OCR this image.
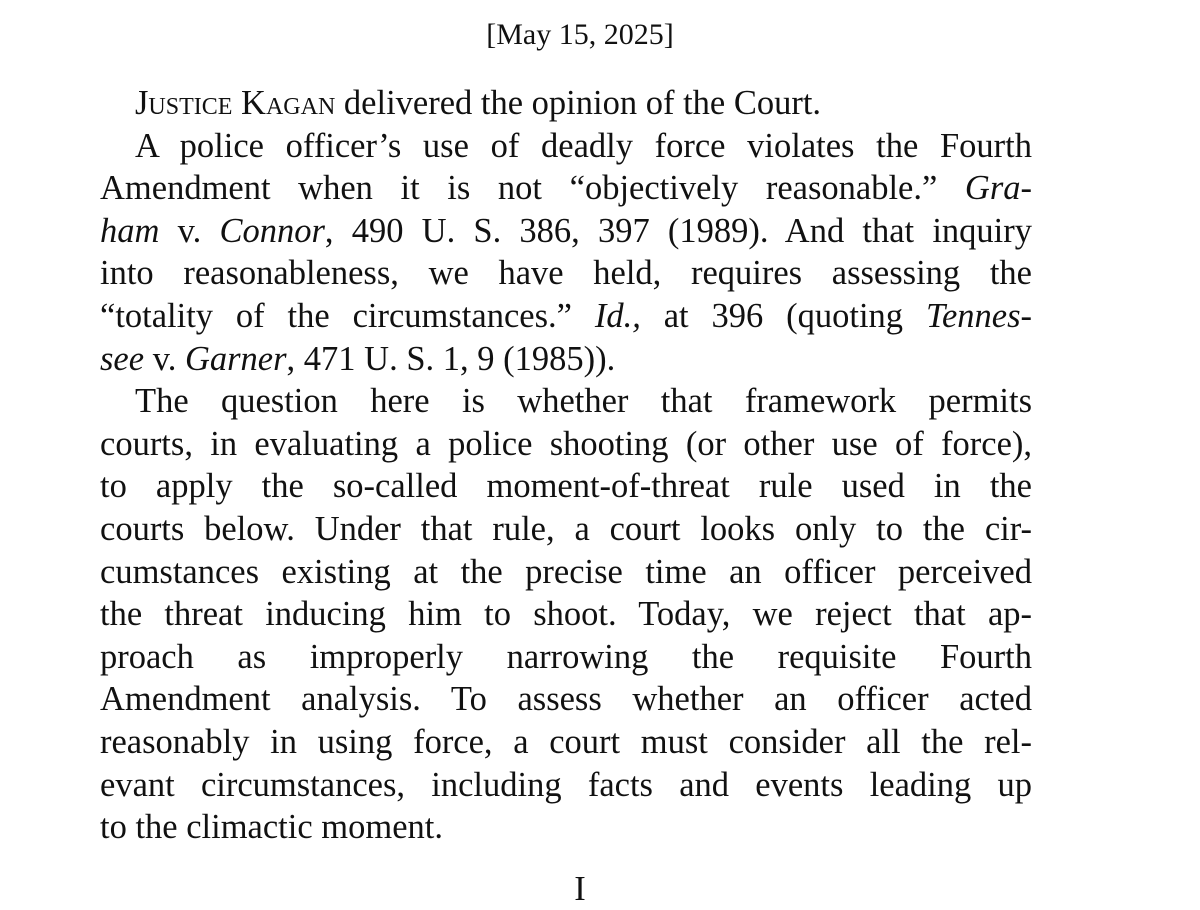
[May 15, 2025]

Justice Kagan delivered the opinion of the Court.

A police officer’s use of deadly force violates the Fourth
Amendment when it is not “objectively reasonable.” Gra-
ham v. Connor, 490 U. S. 386, 397 (1989). And that inquiry
into reasonableness, we have held, requires assessing the
“totality of the circumstances.” Id., at 396 (quoting Tennes-
see v. Garner, 471 U. S. 1, 9 (1985)).

The question here is whether that framework permits
courts, in evaluating a police shooting (or other use of force),
to apply the so-called moment-of-threat rule used in the
courts below. Under that rule, a court looks only to the cir-
cumstances existing at the precise time an officer perceived
the threat inducing him to shoot. Today, we reject that ap-
proach as improperly narrowing the requisite Fourth
Amendment analysis. To assess whether an officer acted
reasonably in using force, a court must consider all the rel-
evant circumstances, including facts and events leading up
to the climactic moment.

I
